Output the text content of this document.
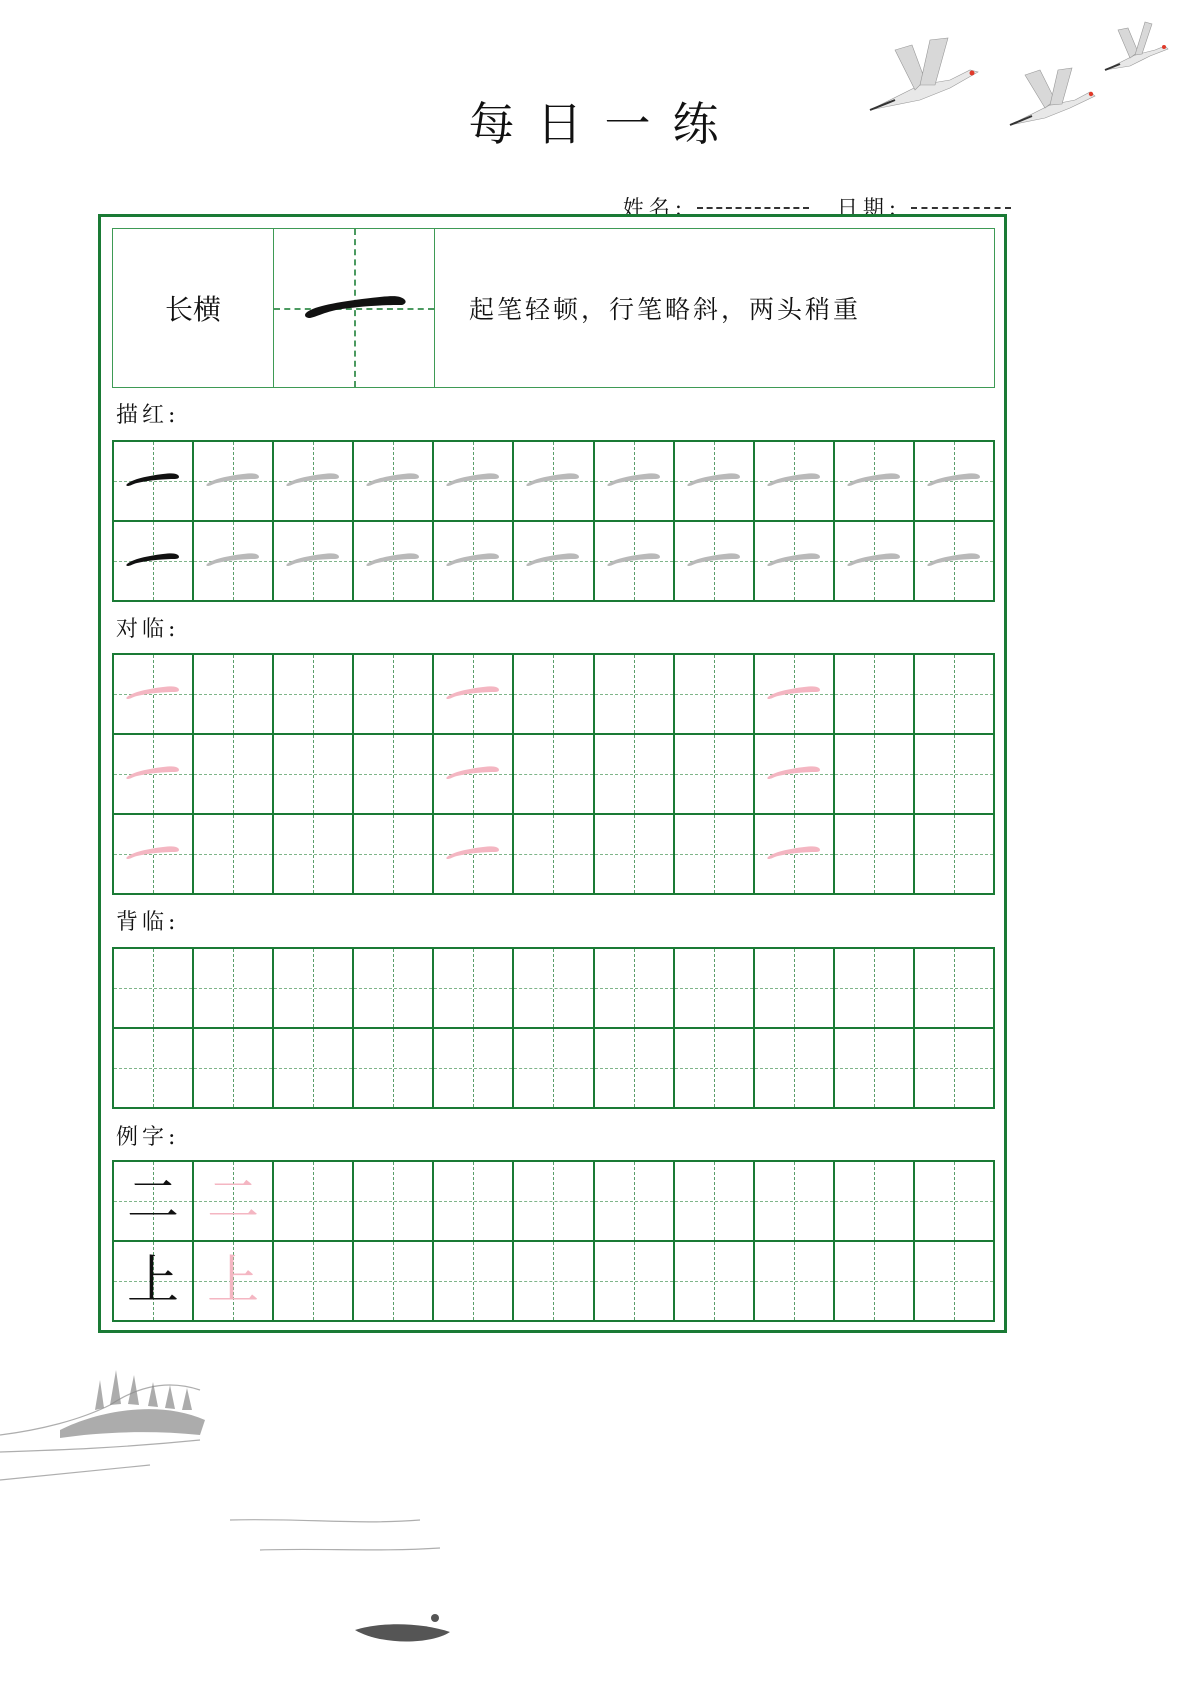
每日一练
姓名:	日期:
长横	起笔轻顿，行笔略斜，两头稍重
描红:
对临:
背临:
例字:
二 二
上 上
